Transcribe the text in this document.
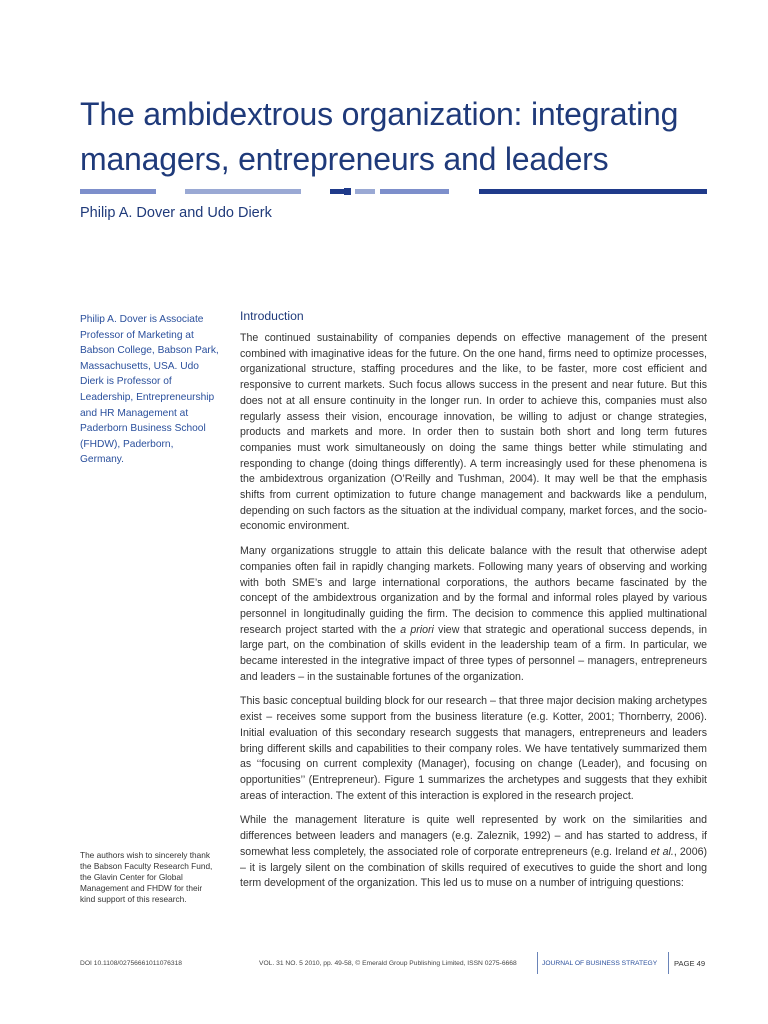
The ambidextrous organization: integrating managers, entrepreneurs and leaders
Philip A. Dover and Udo Dierk
Philip A. Dover is Associate Professor of Marketing at Babson College, Babson Park, Massachusetts, USA. Udo Dierk is Professor of Leadership, Entrepreneurship and HR Management at Paderborn Business School (FHDW), Paderborn, Germany.
The authors wish to sincerely thank the Babson Faculty Research Fund, the Glavin Center for Global Management and FHDW for their kind support of this research.
Introduction

The continued sustainability of companies depends on effective management of the present combined with imaginative ideas for the future. On the one hand, firms need to optimize processes, organizational structure, staffing procedures and the like, to be faster, more cost efficient and responsive to current markets. Such focus allows success in the present and near future. But this does not at all ensure continuity in the longer run. In order to achieve this, companies must also regularly assess their vision, encourage innovation, be willing to adjust or change strategies, products and markets and more. In order then to sustain both short and long term futures companies must work simultaneously on doing the same things better while stimulating and responding to change (doing things differently). A term increasingly used for these phenomena is the ambidextrous organization (O’Reilly and Tushman, 2004). It may well be that the emphasis shifts from current optimization to future change management and backwards like a pendulum, depending on such factors as the situation at the individual company, market forces, and the socio-economic environment.

Many organizations struggle to attain this delicate balance with the result that otherwise adept companies often fail in rapidly changing markets. Following many years of observing and working with both SME’s and large international corporations, the authors became fascinated by the concept of the ambidextrous organization and by the formal and informal roles played by various personnel in longitudinally guiding the firm. The decision to commence this applied multinational research project started with the a priori view that strategic and operational success depends, in large part, on the combination of skills evident in the leadership team of a firm. In particular, we became interested in the integrative impact of three types of personnel – managers, entrepreneurs and leaders – in the sustainable fortunes of the organization.

This basic conceptual building block for our research – that three major decision making archetypes exist – receives some support from the business literature (e.g. Kotter, 2001; Thornberry, 2006). Initial evaluation of this secondary research suggests that managers, entrepreneurs and leaders bring different skills and capabilities to their company roles. We have tentatively summarized them as ‘‘focusing on current complexity (Manager), focusing on change (Leader), and focusing on opportunities’’ (Entrepreneur). Figure 1 summarizes the archetypes and suggests that they exhibit areas of interaction. The extent of this interaction is explored in the research project.

While the management literature is quite well represented by work on the similarities and differences between leaders and managers (e.g. Zaleznik, 1992) – and has started to address, if somewhat less completely, the associated role of corporate entrepreneurs (e.g. Ireland et al., 2006) – it is largely silent on the combination of skills required of executives to guide the short and long term development of the organization. This led us to muse on a number of intriguing questions:

DOI 10.1108/02756661011076318	VOL. 31 NO. 5 2010, pp. 49-58, © Emerald Group Publishing Limited, ISSN 0275-6668	JOURNAL OF BUSINESS STRATEGY PAGE 49
